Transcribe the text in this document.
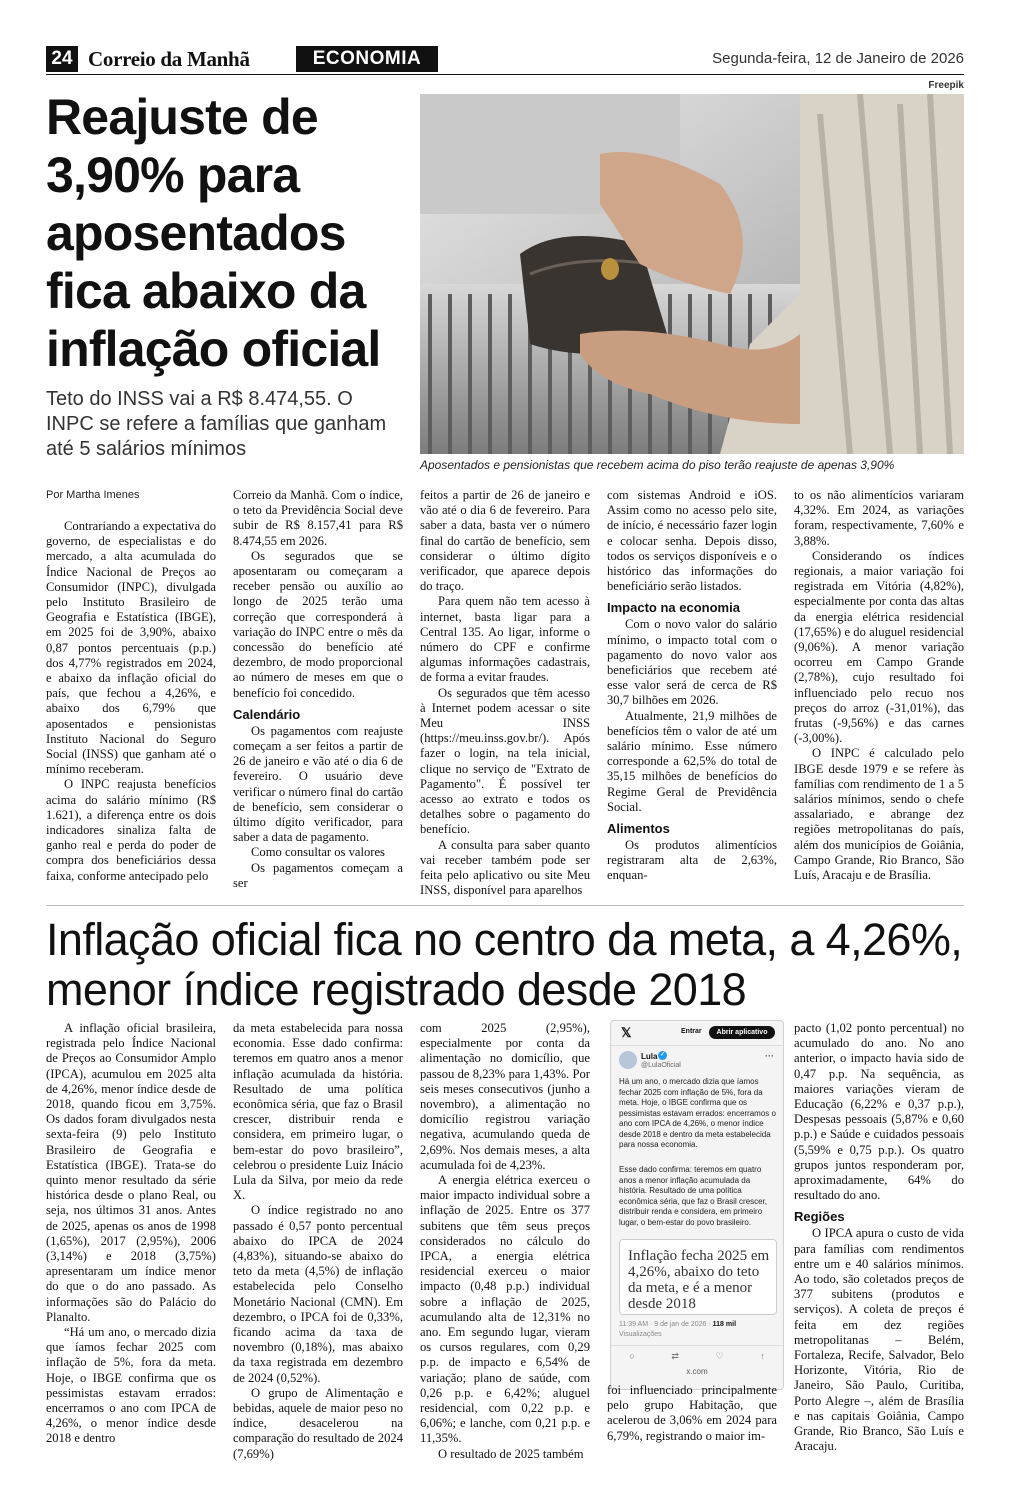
24 Correio da Manhã	ECONOMIA	Segunda-feira, 12 de Janeiro de 2026
Reajuste de 3,90% para aposentados fica abaixo da inflação oficial

Teto do INSS vai a R$ 8.474,55. O INPC se refere a famílias que ganham até 5 salários mínimos

Freepik
Aposentados e pensionistas que recebem acima do piso terão reajuste de apenas 3,90%
Por Martha Imenes

Contrariando a expectativa do governo, de especialistas e do mercado, a alta acumulada do Índice Nacional de Preços ao Consumidor (INPC), divulgada pelo Instituto Brasileiro de Geografia e Estatística (IBGE), em 2025 foi de 3,90%, abaixo 0,87 pontos percentuais (p.p.) dos 4,77% registrados em 2024, e abaixo da inflação oficial do país, que fechou a 4,26%, e abaixo dos 6,79% que aposentados e pensionistas Instituto Nacional do Seguro Social (INSS) que ganham até o mínimo receberam.

O INPC reajusta benefícios acima do salário mínimo (R$ 1.621), a diferença entre os dois indicadores sinaliza falta de ganho real e perda do poder de compra dos beneficiários dessa faixa, conforme antecipado pelo

Correio da Manhã. Com o índice, o teto da Previdência Social deve subir de R$ 8.157,41 para R$ 8.474,55 em 2026.

Os segurados que se aposentaram ou começaram a receber pensão ou auxílio ao longo de 2025 terão uma correção que corresponderá à variação do INPC entre o mês da concessão do benefício até dezembro, de modo proporcional ao número de meses em que o benefício foi concedido.

Calendário

Os pagamentos com reajuste começam a ser feitos a partir de 26 de janeiro e vão até o dia 6 de fevereiro. O usuário deve verificar o número final do cartão de benefício, sem considerar o último dígito verificador, para saber a data de pagamento.

Como consultar os valores

Os pagamentos começam a ser

feitos a partir de 26 de janeiro e vão até o dia 6 de fevereiro. Para saber a data, basta ver o número final do cartão de benefício, sem considerar o último dígito verificador, que aparece depois do traço.

Para quem não tem acesso à internet, basta ligar para a Central 135. Ao ligar, informe o número do CPF e confirme algumas informações cadastrais, de forma a evitar fraudes.

Os segurados que têm acesso à Internet podem acessar o site Meu INSS (https://meu.inss.gov.br/). Após fazer o login, na tela inicial, clique no serviço de "Extrato de Pagamento". É possível ter acesso ao extrato e todos os detalhes sobre o pagamento do benefício.

A consulta para saber quanto vai receber também pode ser feita pelo aplicativo ou site Meu INSS, disponível para aparelhos

com sistemas Android e iOS. Assim como no acesso pelo site, de início, é necessário fazer login e colocar senha. Depois disso, todos os serviços disponíveis e o histórico das informações do beneficiário serão listados.

Impacto na economia

Com o novo valor do salário mínimo, o impacto total com o pagamento do novo valor aos beneficiários que recebem até esse valor será de cerca de R$ 30,7 bilhões em 2026.

Atualmente, 21,9 milhões de benefícios têm o valor de até um salário mínimo. Esse número corresponde a 62,5% do total de 35,15 milhões de benefícios do Regime Geral de Previdência Social.

Alimentos

Os produtos alimentícios registraram alta de 2,63%, enquan-

to os não alimentícios variaram 4,32%. Em 2024, as variações foram, respectivamente, 7,60% e 3,88%.

Considerando os índices regionais, a maior variação foi registrada em Vitória (4,82%), especialmente por conta das altas da energia elétrica residencial (17,65%) e do aluguel residencial (9,06%). A menor variação ocorreu em Campo Grande (2,78%), cujo resultado foi influenciado pelo recuo nos preços do arroz (-31,01%), das frutas (-9,56%) e das carnes (-3,00%).

O INPC é calculado pelo IBGE desde 1979 e se refere às famílias com rendimento de 1 a 5 salários mínimos, sendo o chefe assalariado, e abrange dez regiões metropolitanas do país, além dos municípios de Goiânia, Campo Grande, Rio Branco, São Luís, Aracaju e de Brasília.

Inflação oficial fica no centro da meta, a 4,26%, menor índice registrado desde 2018

A inflação oficial brasileira, registrada pelo Índice Nacional de Preços ao Consumidor Amplo (IPCA), acumulou em 2025 alta de 4,26%, menor índice desde de 2018, quando ficou em 3,75%. Os dados foram divulgados nesta sexta-feira (9) pelo Instituto Brasileiro de Geografia e Estatística (IBGE). Trata-se do quinto menor resultado da série histórica desde o plano Real, ou seja, nos últimos 31 anos. Antes de 2025, apenas os anos de 1998 (1,65%), 2017 (2,95%), 2006 (3,14%) e 2018 (3,75%) apresentaram um índice menor do que o do ano passado. As informações são do Palácio do Planalto.

“Há um ano, o mercado dizia que íamos fechar 2025 com inflação de 5%, fora da meta. Hoje, o IBGE confirma que os pessimistas estavam errados: encerramos o ano com IPCA de 4,26%, o menor índice desde 2018 e dentro

da meta estabelecida para nossa economia. Esse dado confirma: teremos em quatro anos a menor inflação acumulada da história. Resultado de uma política econômica séria, que faz o Brasil crescer, distribuir renda e considera, em primeiro lugar, o bem-estar do povo brasileiro”, celebrou o presidente Luiz Inácio Lula da Silva, por meio da rede X.

O índice registrado no ano passado é 0,57 ponto percentual abaixo do IPCA de 2024 (4,83%), situando-se abaixo do teto da meta (4,5%) de inflação estabelecida pelo Conselho Monetário Nacional (CMN). Em dezembro, o IPCA foi de 0,33%, ficando acima da taxa de novembro (0,18%), mas abaixo da taxa registrada em dezembro de 2024 (0,52%).

O grupo de Alimentação e bebidas, aquele de maior peso no índice, desacelerou na comparação do resultado de 2024 (7,69%)

com 2025 (2,95%), especialmente por conta da alimentação no domicílio, que passou de 8,23% para 1,43%. Por seis meses consecutivos (junho a novembro), a alimentação no domicílio registrou variação negativa, acumulando queda de 2,69%. Nos demais meses, a alta acumulada foi de 4,23%.

A energia elétrica exerceu o maior impacto individual sobre a inflação de 2025. Entre os 377 subitens que têm seus preços considerados no cálculo do IPCA, a energia elétrica residencial exerceu o maior impacto (0,48 p.p.) individual sobre a inflação de 2025, acumulando alta de 12,31% no ano. Em segundo lugar, vieram os cursos regulares, com 0,29 p.p. de impacto e 6,54% de variação; plano de saúde, com 0,26 p.p. e 6,42%; aluguel residencial, com 0,22 p.p. e 6,06%; e lanche, com 0,21 p.p. e 11,35%.

O resultado de 2025 também

𝕏	Entrar	Abrir aplicativo
Lula ✓
@LulaOficial
···

Há um ano, o mercado dizia que íamos fechar 2025 com inflação de 5%, fora da meta. Hoje, o IBGE confirma que os pessimistas estavam errados: encerramos o ano com IPCA de 4,26%, o menor índice desde 2018 e dentro da meta estabelecida para nossa economia.

Esse dado confirma: teremos em quatro anos a menor inflação acumulada da história. Resultado de uma política econômica séria, que faz o Brasil crescer, distribuir renda e considera, em primeiro lugar, o bem-estar do povo brasileiro.

Inflação fecha 2025 em 4,26%, abaixo do teto da meta, e é a menor desde 2018

11:39 AM · 9 de jan de 2026 · 118 mil
Visualizações
○	⇄	♡	↑
x.com

foi influenciado principalmente pelo grupo Habitação, que acelerou de 3,06% em 2024 para 6,79%, registrando o maior im-

pacto (1,02 ponto percentual) no acumulado do ano. No ano anterior, o impacto havia sido de 0,47 p.p. Na sequência, as maiores variações vieram de Educação (6,22% e 0,37 p.p.), Despesas pessoais (5,87% e 0,60 p.p.) e Saúde e cuidados pessoais (5,59% e 0,75 p.p.). Os quatro grupos juntos responderam por, aproximadamente, 64% do resultado do ano.

Regiões

O IPCA apura o custo de vida para famílias com rendimentos entre um e 40 salários mínimos. Ao todo, são coletados preços de 377 subitens (produtos e serviços). A coleta de preços é feita em dez regiões metropolitanas – Belém, Fortaleza, Recife, Salvador, Belo Horizonte, Vitória, Rio de Janeiro, São Paulo, Curitiba, Porto Alegre –, além de Brasília e nas capitais Goiânia, Campo Grande, Rio Branco, São Luís e Aracaju.
